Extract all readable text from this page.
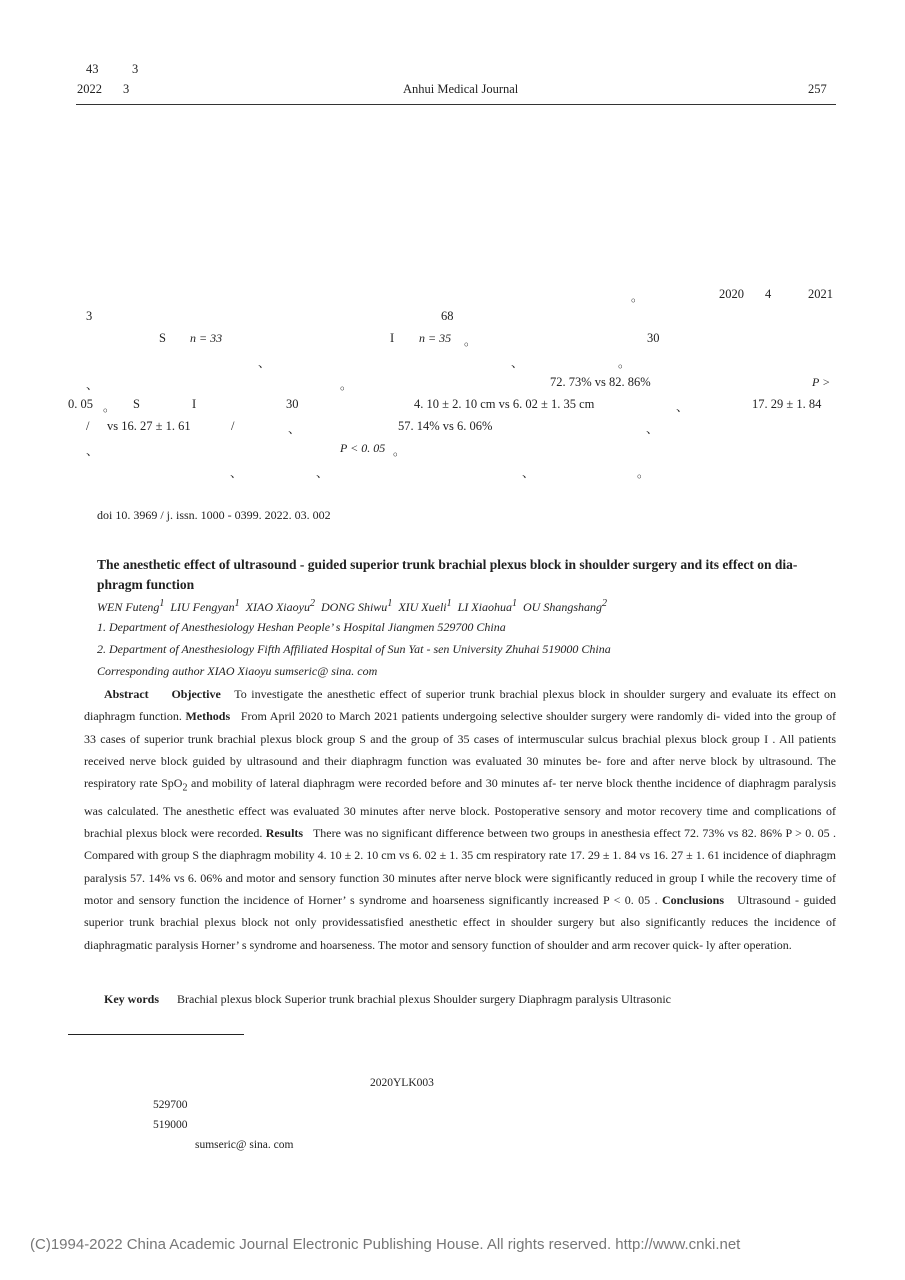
43	3
2022 3	Anhui Medical Journal	257
。	2020 4	2021
3	68
S n = 33	I n = 35 。	30
、	、	。
、	。	72. 73% vs 82. 86%	P >
0. 05 。 S	I	30	4. 10 ± 2. 10 cm vs 6. 02 ± 1. 35 cm	、	17. 29 ± 1. 84
/ vs 16. 27 ± 1. 61	/	、	57. 14% vs 6. 06%	、
、	P < 0. 05 。
、	、	、	。
doi 10. 3969 / j. issn. 1000 - 0399. 2022. 03. 002
The anesthetic effect of ultrasound - guided superior trunk brachial plexus block in shoulder surgery and its effect on dia- phragm function
WEN Futeng$^1$ LIU Fengyan$^1$ XIAO Xiaoyu$^2$ DONG Shiwu$^1$ XIU Xueli$^1$ LI Xiaohua$^1$ OU Shangshang$^2$
1. Department of Anesthesiology Heshan People’ s Hospital Jiangmen 529700 China
2. Department of Anesthesiology Fifth Affiliated Hospital of Sun Yat - sen University Zhuhai 519000 China
Corresponding author XIAO Xiaoyu sumseric@ sina. com
Abstract Objective To investigate the anesthetic effect of superior trunk brachial plexus block in shoulder surgery and evaluate its effect on diaphragm function. Methods From April 2020 to March 2021 patients undergoing selective shoulder surgery were randomly di- vided into the group of 33 cases of superior trunk brachial plexus block group S and the group of 35 cases of intermuscular sulcus brachial plexus block group I . All patients received nerve block guided by ultrasound and their diaphragm function was evaluated 30 minutes be- fore and after nerve block by ultrasound. The respiratory rate SpO$_2$ and mobility of lateral diaphragm were recorded before and 30 minutes af- ter nerve block thenthe incidence of diaphragm paralysis was calculated. The anesthetic effect was evaluated 30 minutes after nerve block. Postoperative sensory and motor recovery time and complications of brachial plexus block were recorded. Results There was no significant difference between two groups in anesthesia effect 72. 73% vs 82. 86% P > 0. 05 . Compared with group S the diaphragm mobility 4. 10 ± 2. 10 cm vs 6. 02 ± 1. 35 cm respiratory rate 17. 29 ± 1. 84 vs 16. 27 ± 1. 61 incidence of diaphragm paralysis 57. 14% vs 6. 06% and motor and sensory function 30 minutes after nerve block were significantly reduced in group I while the recovery time of motor and sensory function the incidence of Horner’ s syndrome and hoarseness significantly increased P < 0. 05 . Conclusions Ultrasound - guided superior trunk brachial plexus block not only providessatisfied anesthetic effect in shoulder surgery but also significantly reduces the incidence of diaphragmatic paralysis Horner’ s syndrome and hoarseness. The motor and sensory function of shoulder and arm recover quick- ly after operation.
Key words Brachial plexus block Superior trunk brachial plexus Shoulder surgery Diaphragm paralysis Ultrasonic
2020YLK003
529700
519000
sumseric@ sina. com
(C)1994-2022 China Academic Journal Electronic Publishing House. All rights reserved. http://www.cnki.net
